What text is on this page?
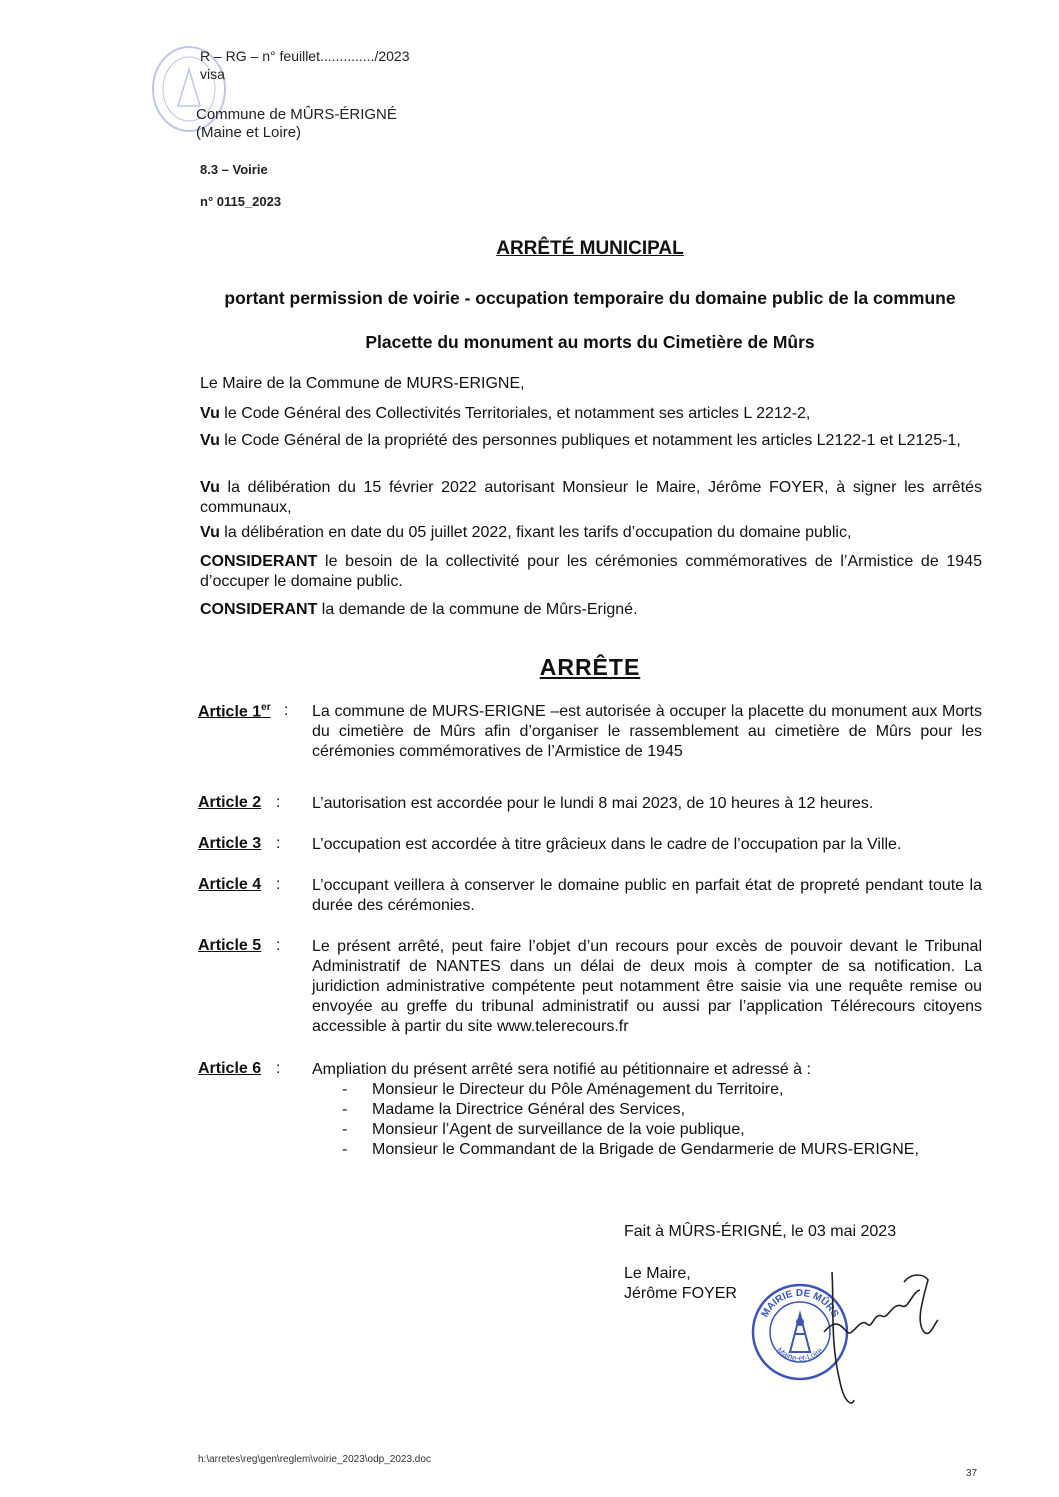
R – RG – n° feuillet............../2023
visa
Commune de MÛRS-ÉRIGNÉ
(Maine et Loire)
8.3 – Voirie
n° 0115_2023
ARRÊTÉ MUNICIPAL
portant permission de voirie - occupation temporaire du domaine public de la commune
Placette du monument au morts du Cimetière de Mûrs
Le Maire de la Commune de MURS-ERIGNE,
Vu le Code Général des Collectivités Territoriales, et notamment ses articles L 2212-2,
Vu le Code Général de la propriété des personnes publiques et notamment les articles L2122-1 et L2125-1,
Vu la délibération du 15 février 2022 autorisant Monsieur le Maire, Jérôme FOYER, à signer les arrêtés communaux,
Vu la délibération en date du 05 juillet 2022, fixant les tarifs d’occupation du domaine public,
CONSIDERANT le besoin de la collectivité pour les cérémonies commémoratives de l’Armistice de 1945 d’occuper le domaine public.
CONSIDERANT la demande de la commune de Mûrs-Erigné.
ARRÊTE
Article 1er : La commune de MURS-ERIGNE –est autorisée à occuper la placette du monument aux Morts du cimetière de Mûrs afin d’organiser le rassemblement au cimetière de Mûrs pour les cérémonies commémoratives de l’Armistice de 1945
Article 2 : L’autorisation est accordée pour le lundi 8 mai 2023, de 10 heures à 12 heures.
Article 3 : L’occupation est accordée à titre grâcieux dans le cadre de l’occupation par la Ville.
Article 4 : L’occupant veillera à conserver le domaine public en parfait état de propreté pendant toute la durée des cérémonies.
Article 5 : Le présent arrêté, peut faire l’objet d’un recours pour excès de pouvoir devant le Tribunal Administratif de NANTES dans un délai de deux mois à compter de sa notification. La juridiction administrative compétente peut notamment être saisie via une requête remise ou envoyée au greffe du tribunal administratif ou aussi par l’application Télérecours citoyens accessible à partir du site www.telerecours.fr
Article 6 : Ampliation du présent arrêté sera notifié au pétitionnaire et adressé à :
- Monsieur le Directeur du Pôle Aménagement du Territoire,
- Madame la Directrice Général des Services,
- Monsieur l’Agent de surveillance de la voie publique,
- Monsieur le Commandant de la Brigade de Gendarmerie de MURS-ERIGNE,
Fait à MÛRS-ÉRIGNÉ, le 03 mai 2023
Le Maire,
Jérôme FOYER
MAIRIE DE MÛRS
Maine-et-Loire
h:\arretes\reg\gen\reglem\voirie_2023\odp_2023.doc
37
